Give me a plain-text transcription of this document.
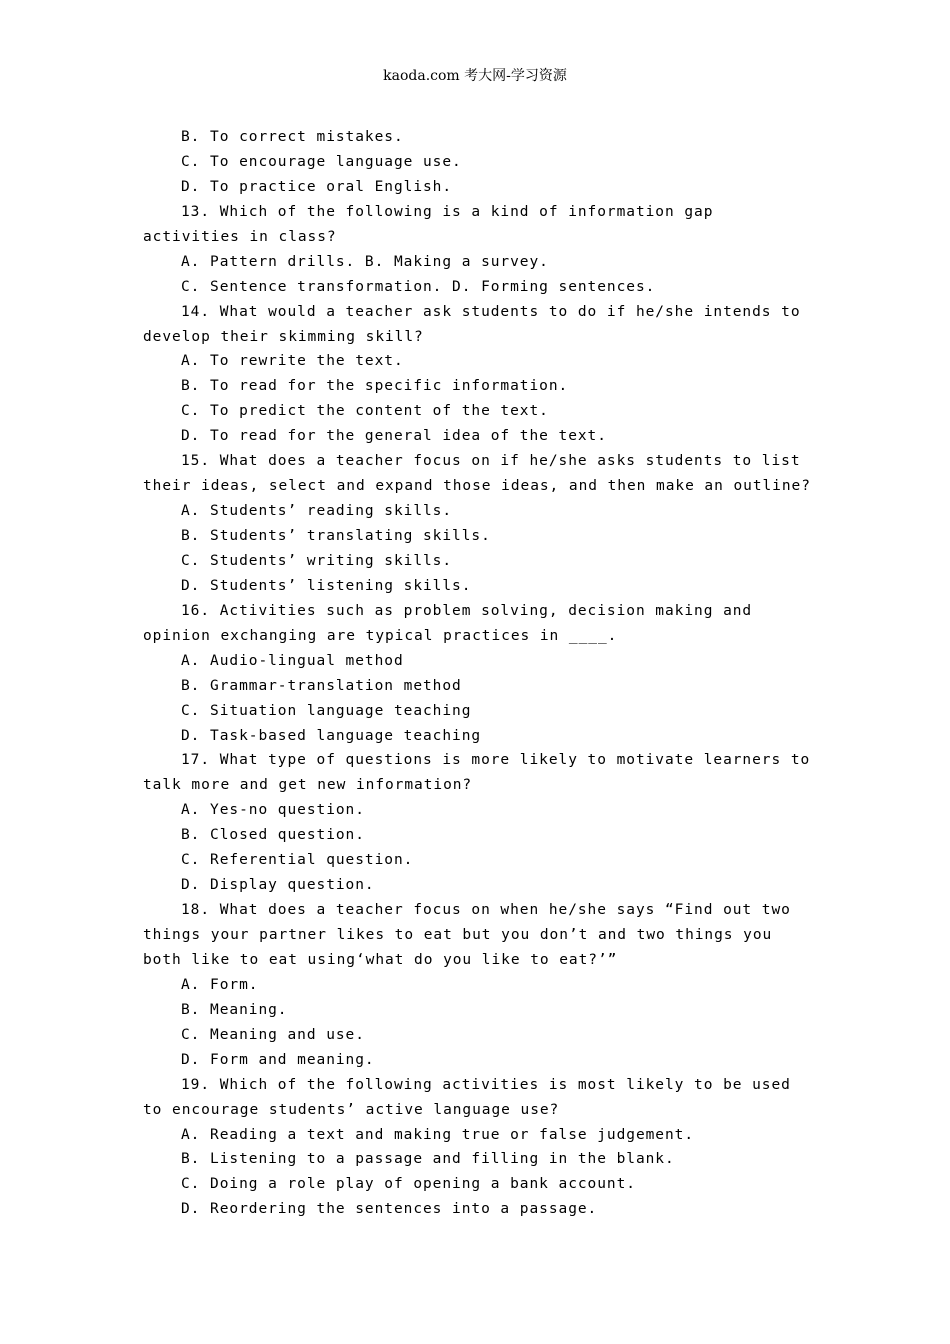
kaoda.com 考大网-学习资源
B. To correct mistakes.
C. To encourage language use.
D. To practice oral English.
13. Which of the following is a kind of information gap
activities in class?
A. Pattern drills. B. Making a survey.
C. Sentence transformation. D. Forming sentences.
14. What would a teacher ask students to do if he/she intends to
develop their skimming skill?
A. To rewrite the text.
B. To read for the specific information.
C. To predict the content of the text.
D. To read for the general idea of the text.
15. What does a teacher focus on if he/she asks students to list
their ideas, select and expand those ideas, and then make an outline?
A. Students’ reading skills.
B. Students’ translating skills.
C. Students’ writing skills.
D. Students’ listening skills.
16. Activities such as problem solving, decision making and
opinion exchanging are typical practices in ____.
A. Audio-lingual method
B. Grammar-translation method
C. Situation language teaching
D. Task-based language teaching
17. What type of questions is more likely to motivate learners to
talk more and get new information?
A. Yes-no question.
B. Closed question.
C. Referential question.
D. Display question.
18. What does a teacher focus on when he/she says “Find out two
things your partner likes to eat but you don’t and two things you
both like to eat using‘what do you like to eat?’”
A. Form.
B. Meaning.
C. Meaning and use.
D. Form and meaning.
19. Which of the following activities is most likely to be used
to encourage students’ active language use?
A. Reading a text and making true or false judgement.
B. Listening to a passage and filling in the blank.
C. Doing a role play of opening a bank account.
D. Reordering the sentences into a passage.
